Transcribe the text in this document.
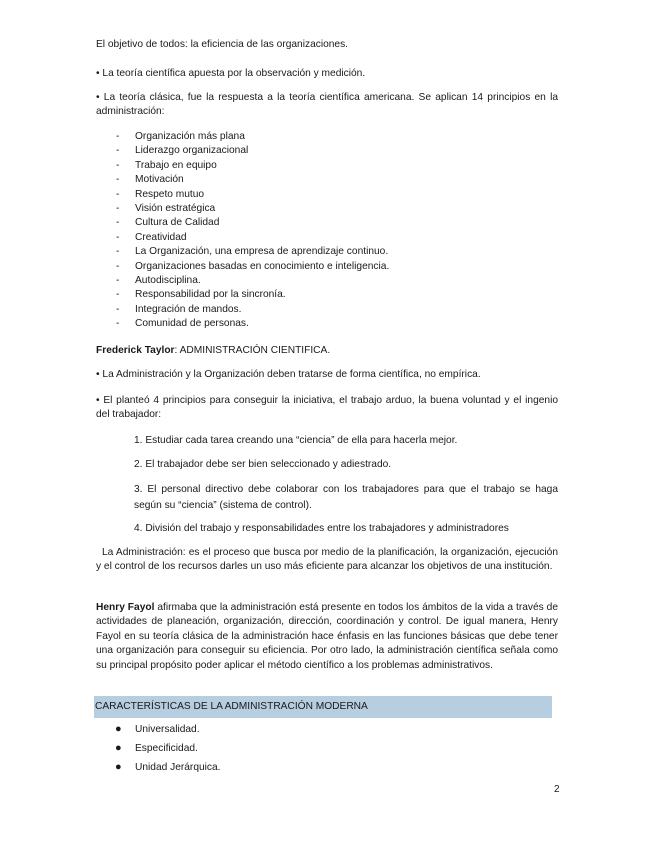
El objetivo de todos: la eficiencia de las organizaciones.

• La teoría científica apuesta por la observación y medición.

• La teoría clásica, fue la respuesta a la teoría científica americana. Se aplican 14 principios en la administración:

- Organización más plana
- Liderazgo organizacional
- Trabajo en equipo
- Motivación
- Respeto mutuo
- Visión estratégica
- Cultura de Calidad
- Creatividad
- La Organización, una empresa de aprendizaje continuo.
- Organizaciones basadas en conocimiento e inteligencia.
- Autodisciplina.
- Responsabilidad por la sincronía.
- Integración de mandos.
- Comunidad de personas.

Frederick Taylor: ADMINISTRACIÓN CIENTIFICA.

• La Administración y la Organización deben tratarse de forma científica, no empírica.

• El planteó 4 principios para conseguir la iniciativa, el trabajo arduo, la buena voluntad y el ingenio del trabajador:

1. Estudiar cada tarea creando una “ciencia” de ella para hacerla mejor.

2. El trabajador debe ser bien seleccionado y adiestrado.

3. El personal directivo debe colaborar con los trabajadores para que el trabajo se haga según su “ciencia” (sistema de control).

4. División del trabajo y responsabilidades entre los trabajadores y administradores

La Administración: es el proceso que busca por medio de la planificación, la organización, ejecución y el control de los recursos darles un uso más eficiente para alcanzar los objetivos de una institución.

Henry Fayol afirmaba que la administración está presente en todos los ámbitos de la vida a través de actividades de planeación, organización, dirección, coordinación y control. De igual manera, Henry Fayol en su teoría clásica de la administración hace énfasis en las funciones básicas que debe tener una organización para conseguir su eficiencia. Por otro lado, la administración científica señala como su principal propósito poder aplicar el método científico a los problemas administrativos.

CARACTERÍSTICAS DE LA ADMINISTRACIÓN MODERNA
● Universalidad.
● Especificidad.
● Unidad Jerárquica.
2
